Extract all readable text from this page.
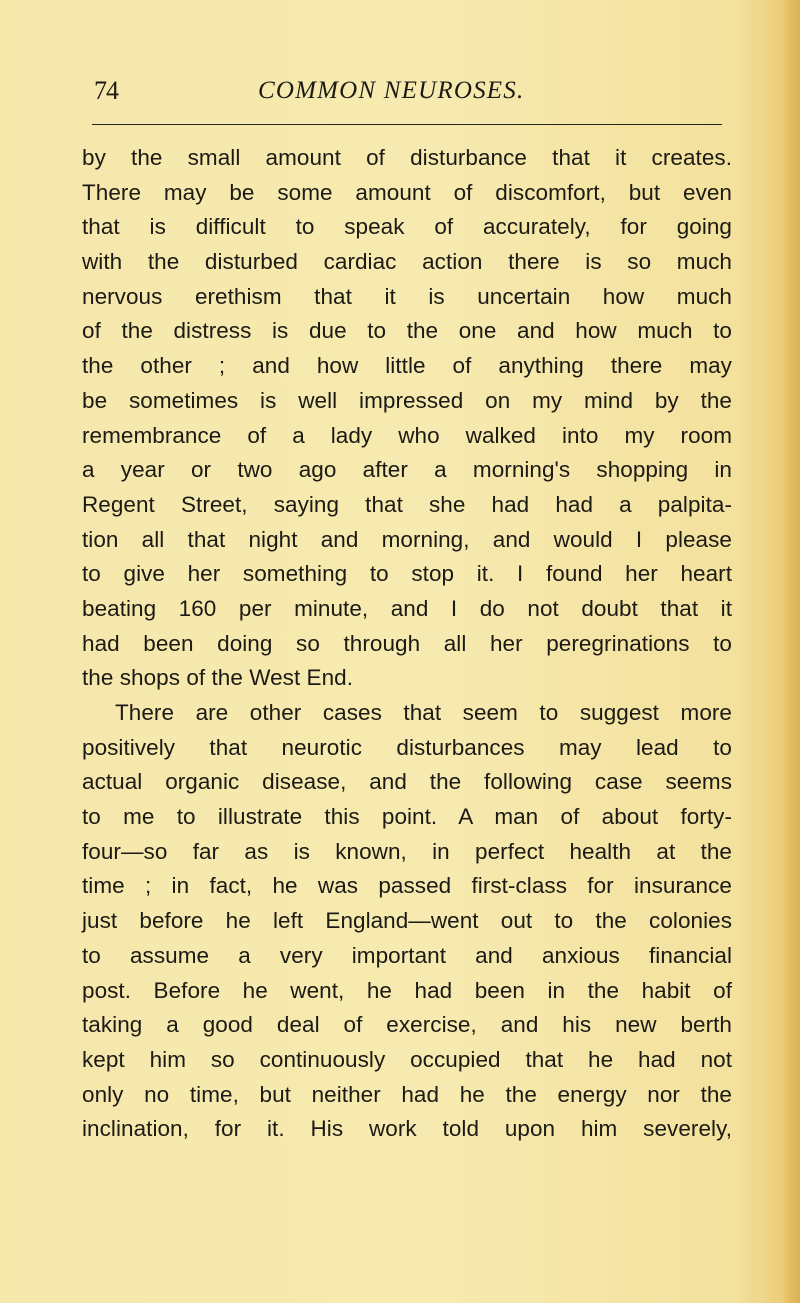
74	COMMON NEUROSES.
by the small amount of disturbance that it creates.
There may be some amount of discomfort, but even
that is difficult to speak of accurately, for going
with the disturbed cardiac action there is so much
nervous erethism that it is uncertain how much
of the distress is due to the one and how much to
the other ; and how little of anything there may
be sometimes is well impressed on my mind by the
remembrance of a lady who walked into my room
a year or two ago after a morning's shopping in
Regent Street, saying that she had had a palpita-
tion all that night and morning, and would I please
to give her something to stop it. I found her heart
beating 160 per minute, and I do not doubt that it
had been doing so through all her peregrinations to
the shops of the West End.
There are other cases that seem to suggest more
positively that neurotic disturbances may lead to
actual organic disease, and the following case seems
to me to illustrate this point. A man of about forty-
four—so far as is known, in perfect health at the
time ; in fact, he was passed first-class for insurance
just before he left England—went out to the colonies
to assume a very important and anxious financial
post. Before he went, he had been in the habit of
taking a good deal of exercise, and his new berth
kept him so continuously occupied that he had not
only no time, but neither had he the energy nor the
inclination, for it. His work told upon him severely,
